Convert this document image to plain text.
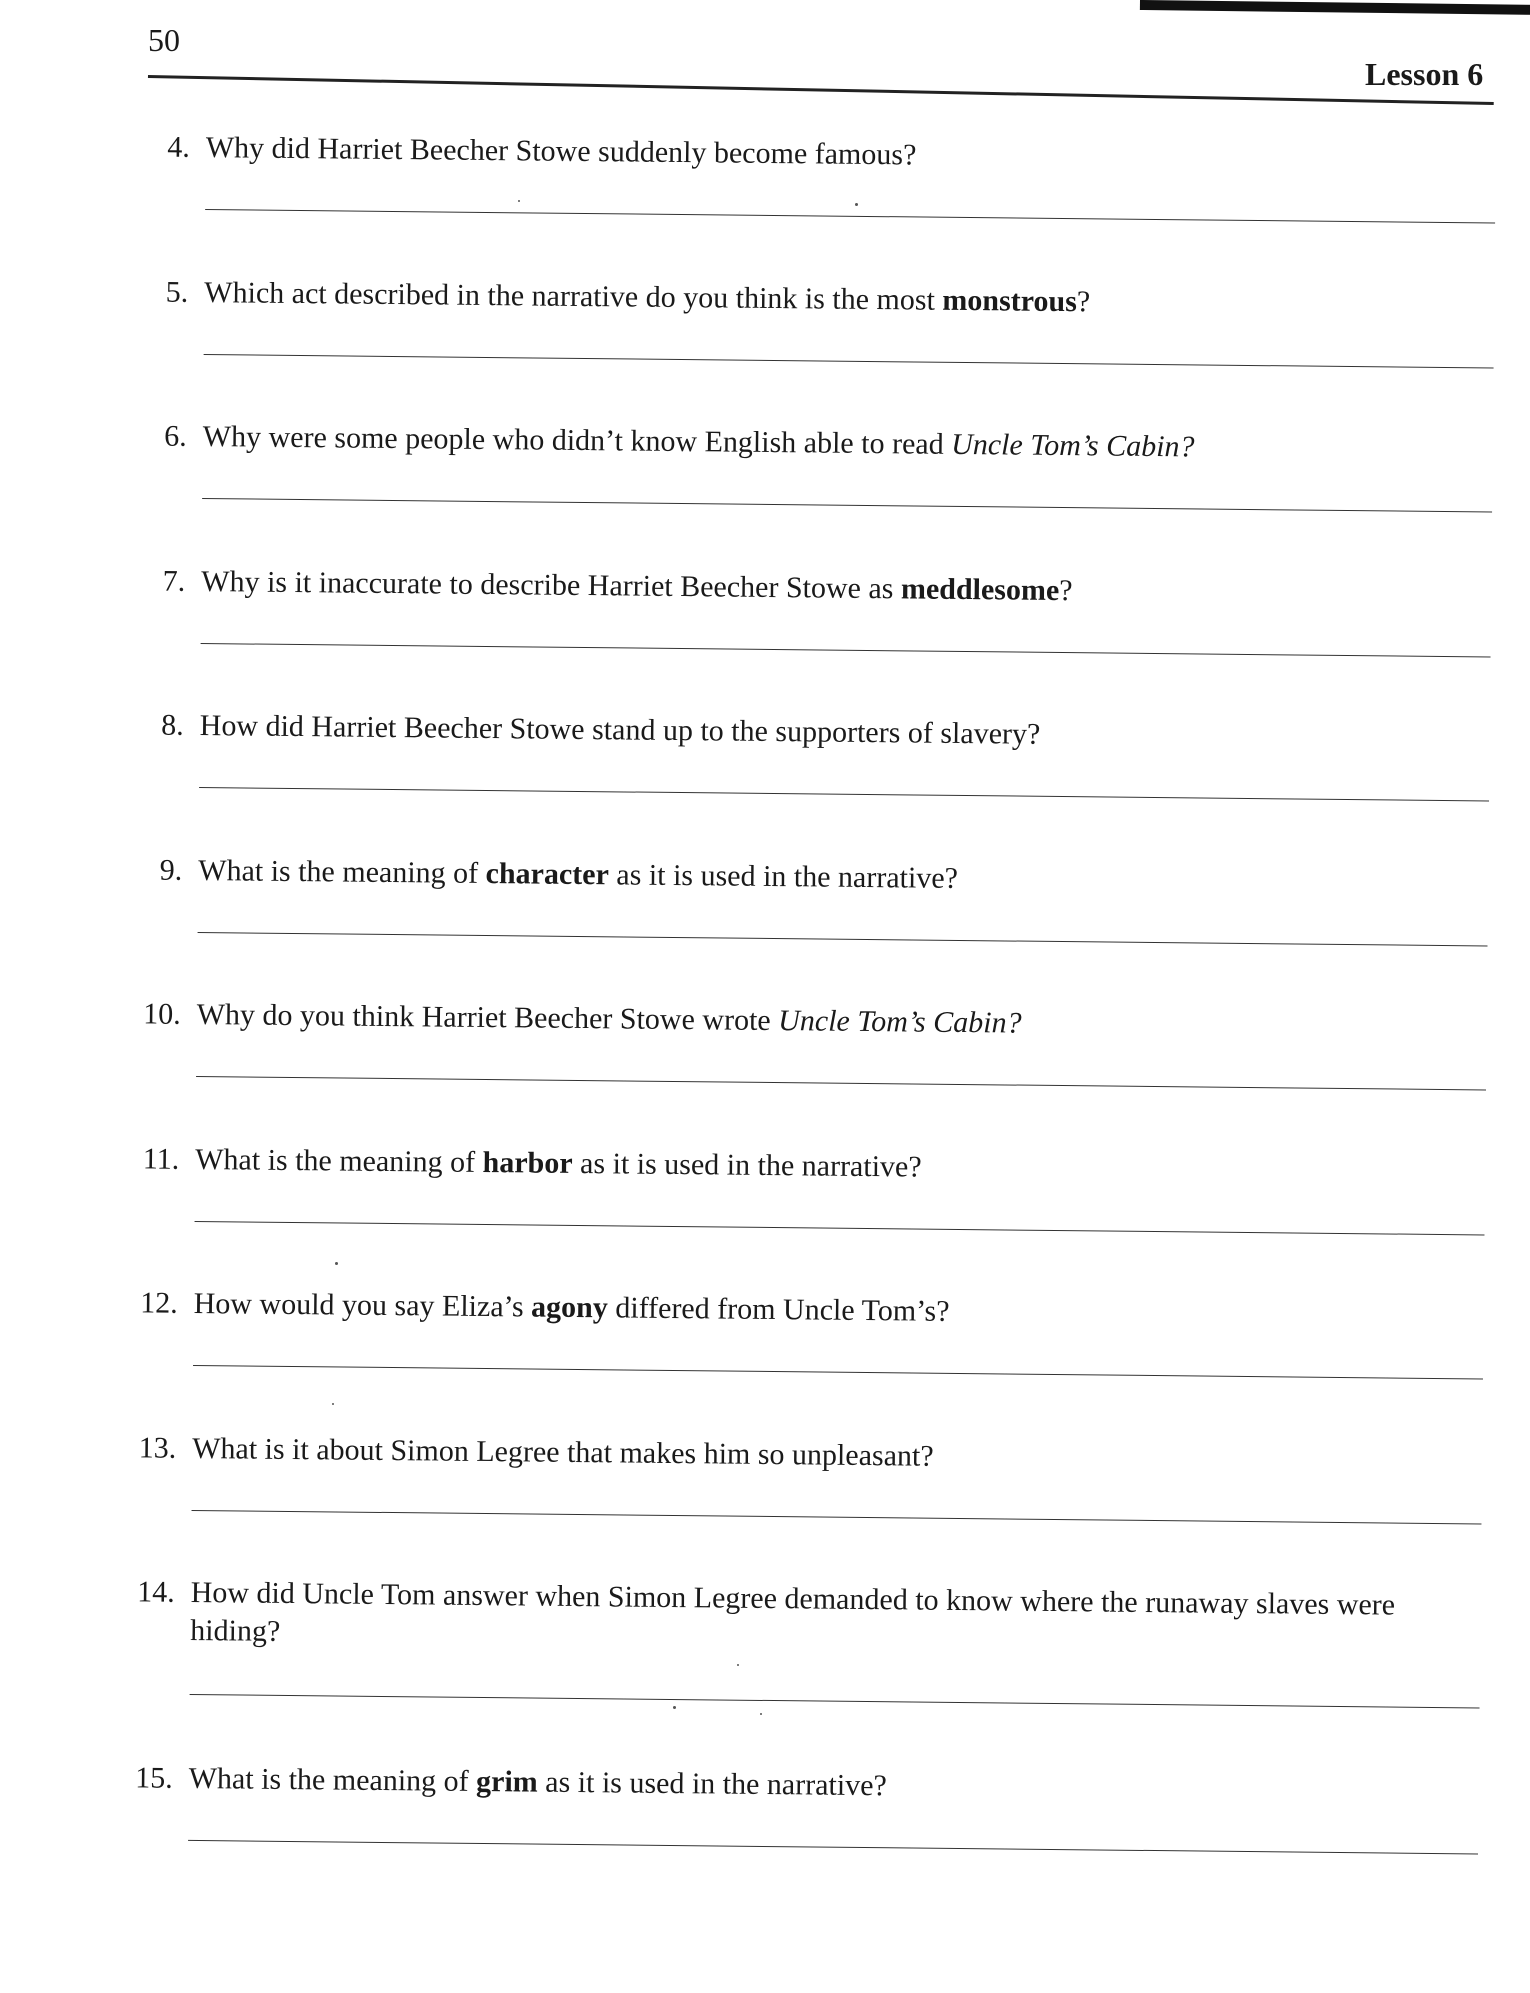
50
Lesson 6
4. Why did Harriet Beecher Stowe suddenly become famous?
5. Which act described in the narrative do you think is the most monstrous?
6. Why were some people who didn’t know English able to read Uncle Tom’s Cabin?
7. Why is it inaccurate to describe Harriet Beecher Stowe as meddlesome?
8. How did Harriet Beecher Stowe stand up to the supporters of slavery?
9. What is the meaning of character as it is used in the narrative?
10. Why do you think Harriet Beecher Stowe wrote Uncle Tom’s Cabin?
11. What is the meaning of harbor as it is used in the narrative?
12. How would you say Eliza’s agony differed from Uncle Tom’s?
13. What is it about Simon Legree that makes him so unpleasant?
14. How did Uncle Tom answer when Simon Legree demanded to know where the runaway slaves were hiding?
15. What is the meaning of grim as it is used in the narrative?
